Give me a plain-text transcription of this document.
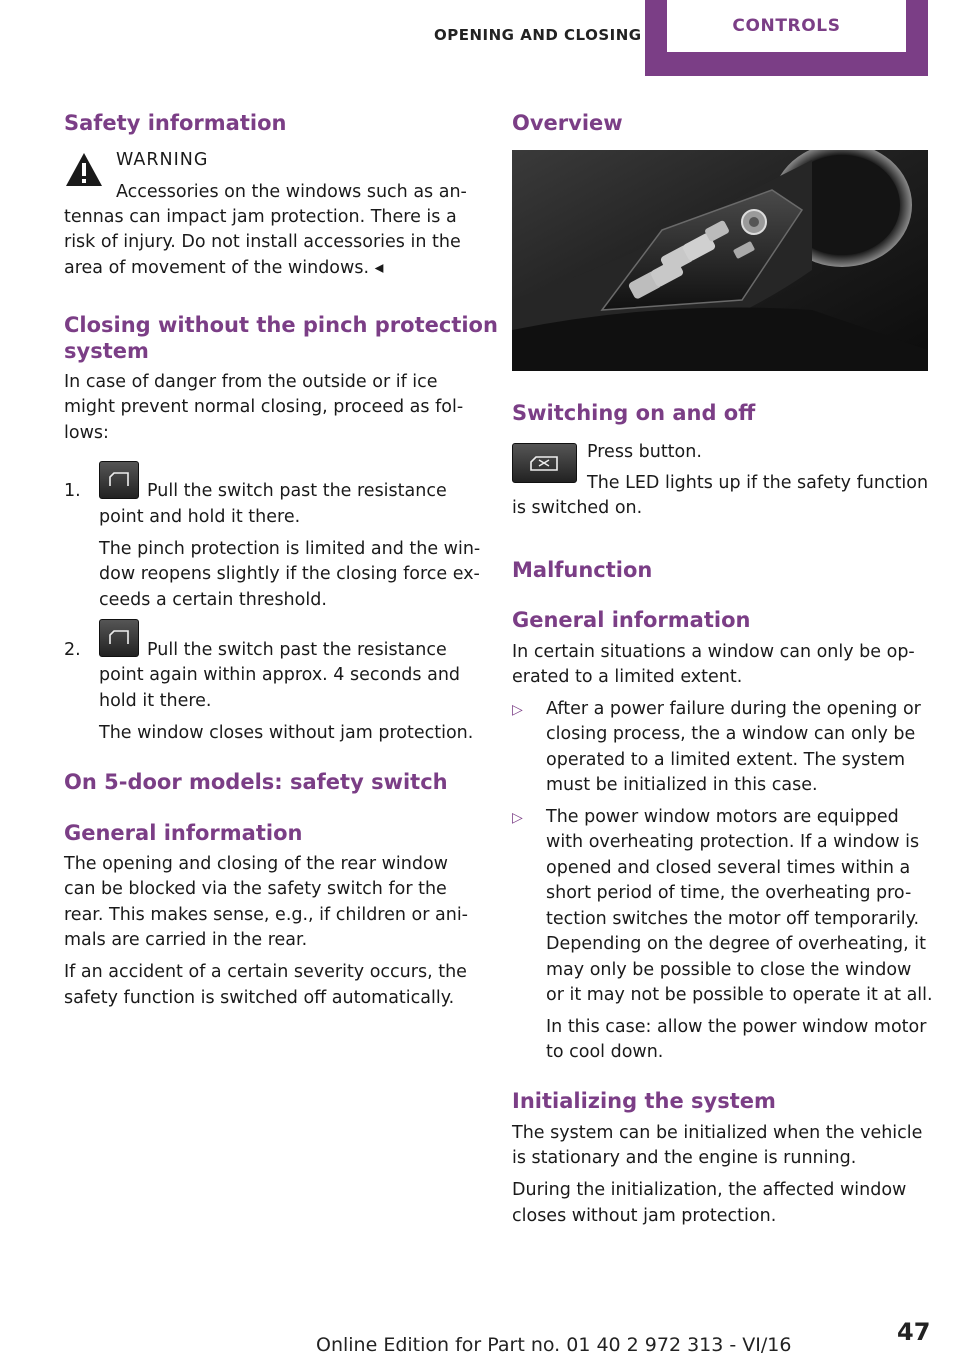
OPENING AND CLOSING	CONTROLS
Safety information
WARNING
Accessories on the windows such as an-
tennas can impact jam protection. There is a
risk of injury. Do not install accessories in the
area of movement of the windows. ◂
Closing without the pinch protection
system
In case of danger from the outside or if ice
might prevent normal closing, proceed as fol-
lows:
1.	Pull the switch past the resistance
point and hold it there.
The pinch protection is limited and the win-
dow reopens slightly if the closing force ex-
ceeds a certain threshold.
2.	Pull the switch past the resistance
point again within approx. 4 seconds and
hold it there.
The window closes without jam protection.
On 5-door models: safety switch
General information
The opening and closing of the rear window
can be blocked via the safety switch for the
rear. This makes sense, e.g., if children or ani-
mals are carried in the rear.
If an accident of a certain severity occurs, the
safety function is switched off automatically.
Overview
Switching on and off
Press button.
The LED lights up if the safety function
is switched on.
Malfunction
General information
In certain situations a window can only be op-
erated to a limited extent.
▷ After a power failure during the opening or
closing process, the a window can only be
operated to a limited extent. The system
must be initialized in this case.
▷ The power window motors are equipped
with overheating protection. If a window is
opened and closed several times within a
short period of time, the overheating pro-
tection switches the motor off temporarily.
Depending on the degree of overheating, it
may only be possible to close the window
or it may not be possible to operate it at all.
In this case: allow the power window motor
to cool down.
Initializing the system
The system can be initialized when the vehicle
is stationary and the engine is running.
During the initialization, the affected window
closes without jam protection.
Online Edition for Part no. 01 40 2 972 313 - VI/16	47
